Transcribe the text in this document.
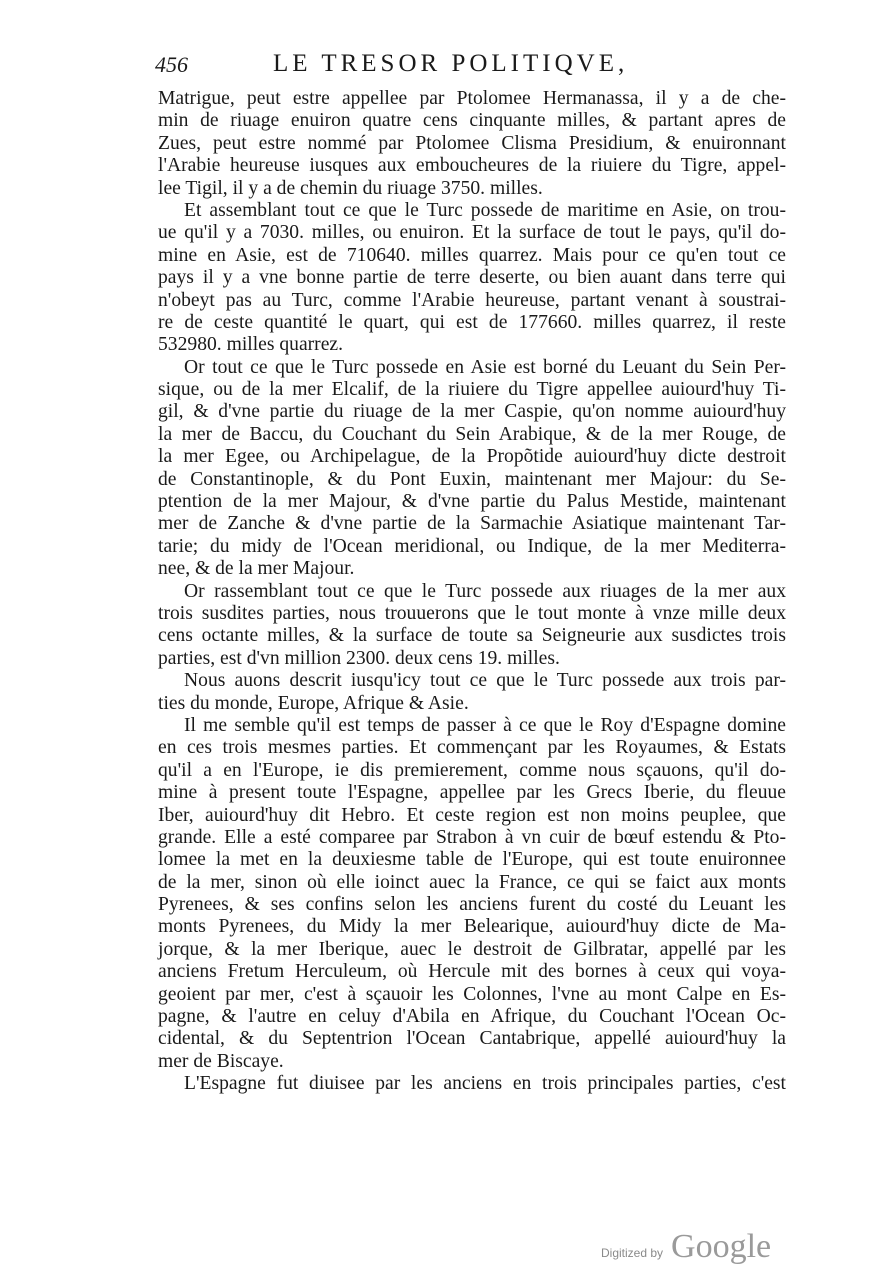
456	LE TRESOR POLITIQVE,
Matrigue, peut estre appellee par Ptolomee Hermanassa, il y a de che-
min de riuage enuiron quatre cens cinquante milles, & partant apres de
Zues, peut estre nommé par Ptolomee Clisma Presidium, & enuironnant
l'Arabie heureuse iusques aux emboucheures de la riuiere du Tigre, appel-
lee Tigil, il y a de chemin du riuage 3750. milles.
Et assemblant tout ce que le Turc possede de maritime en Asie, on trou-
ue qu'il y a 7030. milles, ou enuiron. Et la surface de tout le pays, qu'il do-
mine en Asie, est de 710640. milles quarrez. Mais pour ce qu'en tout ce
pays il y a vne bonne partie de terre deserte, ou bien auant dans terre qui
n'obeyt pas au Turc, comme l'Arabie heureuse, partant venant à soustrai-
re de ceste quantité le quart, qui est de 177660. milles quarrez, il reste
532980. milles quarrez.
Or tout ce que le Turc possede en Asie est borné du Leuant du Sein Per-
sique, ou de la mer Elcalif, de la riuiere du Tigre appellee auiourd'huy Ti-
gil, & d'vne partie du riuage de la mer Caspie, qu'on nomme auiourd'huy
la mer de Baccu, du Couchant du Sein Arabique, & de la mer Rouge, de
la mer Egee, ou Archipelague, de la Propõtide auiourd'huy dicte destroit
de Constantinople, & du Pont Euxin, maintenant mer Majour: du Se-
ptention de la mer Majour, & d'vne partie du Palus Mestide, maintenant
mer de Zanche & d'vne partie de la Sarmachie Asiatique maintenant Tar-
tarie; du midy de l'Ocean meridional, ou Indique, de la mer Mediterra-
nee, & de la mer Majour.
Or rassemblant tout ce que le Turc possede aux riuages de la mer aux
trois susdites parties, nous trouuerons que le tout monte à vnze mille deux
cens octante milles, & la surface de toute sa Seigneurie aux susdictes trois
parties, est d'vn million 2300. deux cens 19. milles.
Nous auons descrit iusqu'icy tout ce que le Turc possede aux trois par-
ties du monde, Europe, Afrique & Asie.
Il me semble qu'il est temps de passer à ce que le Roy d'Espagne domine
en ces trois mesmes parties. Et commençant par les Royaumes, & Estats
qu'il a en l'Europe, ie dis premierement, comme nous sçauons, qu'il do-
mine à present toute l'Espagne, appellee par les Grecs Iberie, du fleuue
Iber, auiourd'huy dit Hebro. Et ceste region est non moins peuplee, que
grande. Elle a esté comparee par Strabon à vn cuir de bœuf estendu & Pto-
lomee la met en la deuxiesme table de l'Europe, qui est toute enuironnee
de la mer, sinon où elle ioinct auec la France, ce qui se faict aux monts
Pyrenees, & ses confins selon les anciens furent du costé du Leuant les
monts Pyrenees, du Midy la mer Belearique, auiourd'huy dicte de Ma-
jorque, & la mer Iberique, auec le destroit de Gilbratar, appellé par les
anciens Fretum Herculeum, où Hercule mit des bornes à ceux qui voya-
geoient par mer, c'est à sçauoir les Colonnes, l'vne au mont Calpe en Es-
pagne, & l'autre en celuy d'Abila en Afrique, du Couchant l'Ocean Oc-
cidental, & du Septentrion l'Ocean Cantabrique, appellé auiourd'huy la
mer de Biscaye.
L'Espagne fut diuisee par les anciens en trois principales parties, c'est
Digitized by Google
